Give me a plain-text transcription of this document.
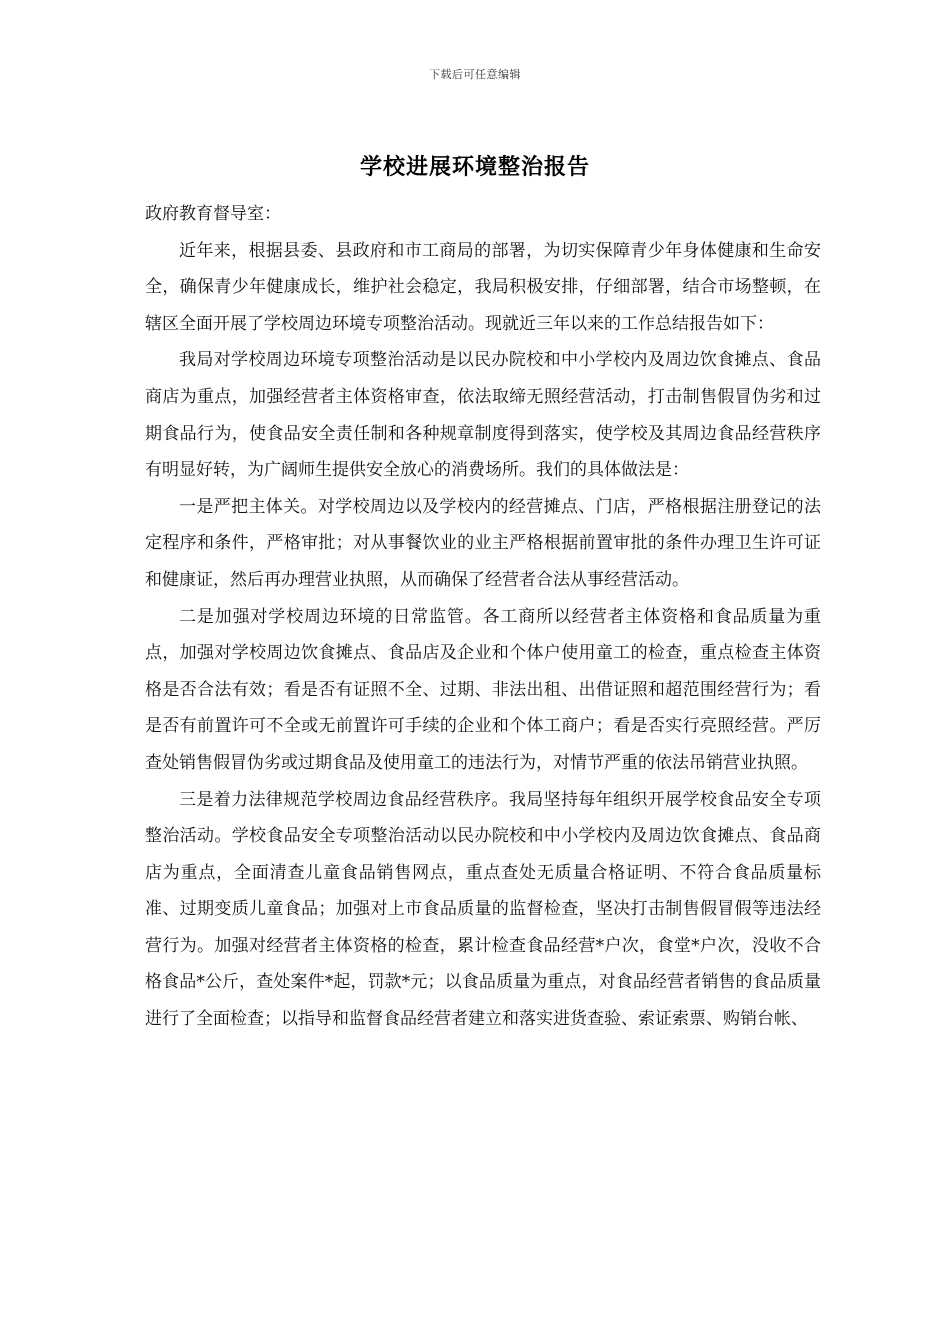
下载后可任意编辑
学校进展环境整治报告

政府教育督导室：

近年来，根据县委、县政府和市工商局的部署，为切实保障青少年身体健康和生命安全，确保青少年健康成长，维护社会稳定，我局积极安排，仔细部署，结合市场整顿，在辖区全面开展了学校周边环境专项整治活动。现就近三年以来的工作总结报告如下：

我局对学校周边环境专项整治活动是以民办院校和中小学校内及周边饮食摊点、食品商店为重点，加强经营者主体资格审查，依法取缔无照经营活动，打击制售假冒伪劣和过期食品行为，使食品安全责任制和各种规章制度得到落实，使学校及其周边食品经营秩序有明显好转，为广阔师生提供安全放心的消费场所。我们的具体做法是：

一是严把主体关。对学校周边以及学校内的经营摊点、门店，严格根据注册登记的法定程序和条件，严格审批；对从事餐饮业的业主严格根据前置审批的条件办理卫生许可证和健康证，然后再办理营业执照，从而确保了经营者合法从事经营活动。

二是加强对学校周边环境的日常监管。各工商所以经营者主体资格和食品质量为重点，加强对学校周边饮食摊点、食品店及企业和个体户使用童工的检查，重点检查主体资格是否合法有效；看是否有证照不全、过期、非法出租、出借证照和超范围经营行为；看是否有前置许可不全或无前置许可手续的企业和个体工商户；看是否实行亮照经营。严厉查处销售假冒伪劣或过期食品及使用童工的违法行为，对情节严重的依法吊销营业执照。

三是着力法律规范学校周边食品经营秩序。我局坚持每年组织开展学校食品安全专项整治活动。学校食品安全专项整治活动以民办院校和中小学校内及周边饮食摊点、食品商店为重点，全面清查儿童食品销售网点，重点查处无质量合格证明、不符合食品质量标准、过期变质儿童食品；加强对上市食品质量的监督检查，坚决打击制售假冒假等违法经营行为。加强对经营者主体资格的检查，累计检查食品经营*户次，食堂*户次，没收不合格食品*公斤，查处案件*起，罚款*元；以食品质量为重点，对食品经营者销售的食品质量进行了全面检查；以指导和监督食品经营者建立和落实进货查验、索证索票、购销台帐、
